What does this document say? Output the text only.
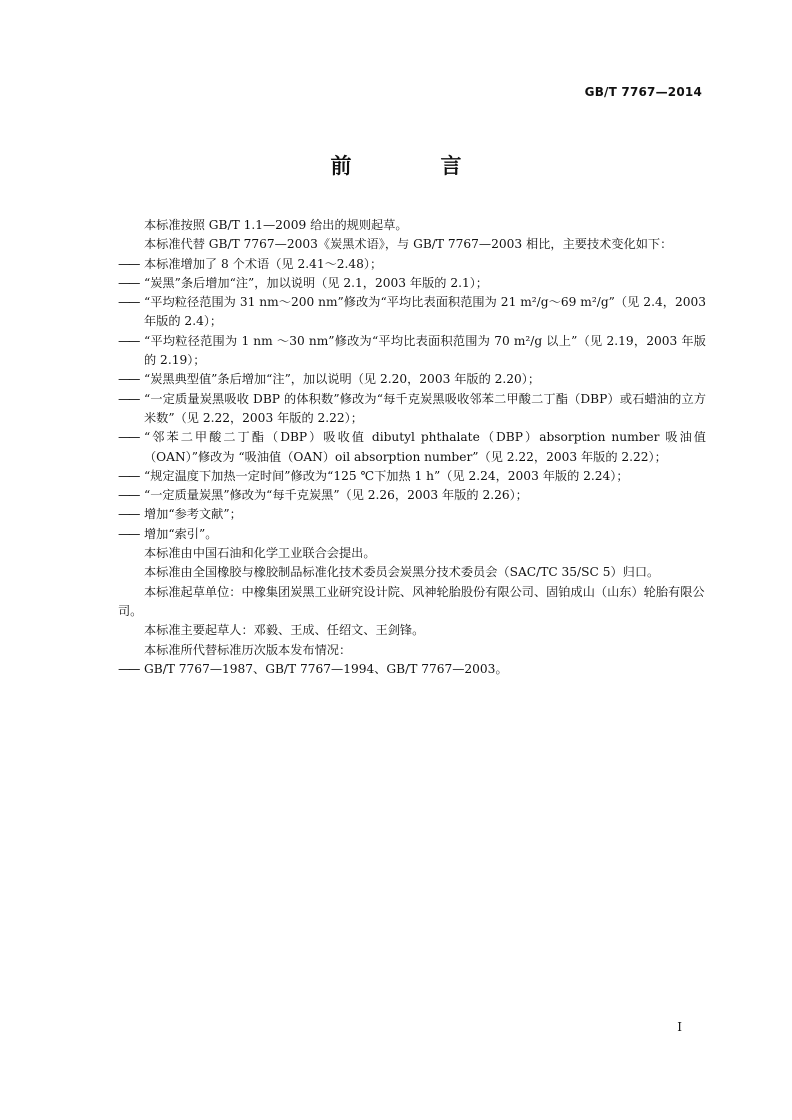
GB/T 7767—2014
前　言

本标准按照 GB/T 1.1—2009 给出的规则起草。

本标准代替 GB/T 7767—2003《炭黑术语》，与 GB/T 7767—2003 相比，主要技术变化如下：

—— 本标准增加了 8 个术语（见 2.41～2.48）；
—— “炭黑”条后增加“注”，加以说明（见 2.1，2003 年版的 2.1）；
—— “平均粒径范围为 31 nm～200 nm”修改为“平均比表面积范围为 21 m²/g～69 m²/g”（见 2.4，2003 年版的 2.4）；
—— “平均粒径范围为 1 nm ～30 nm”修改为“平均比表面积范围为 70 m²/g 以上”（见 2.19，2003 年版的 2.19）；
—— “炭黑典型值”条后增加“注”，加以说明（见 2.20，2003 年版的 2.20）；
—— “一定质量炭黑吸收 DBP 的体积数”修改为“每千克炭黑吸收邻苯二甲酸二丁酯（DBP）或石蜡油的立方米数”（见 2.22，2003 年版的 2.22）；
—— “邻苯二甲酸二丁酯（DBP）吸收值 dibutyl phthalate（DBP）absorption number 吸油值（OAN）”修改为 “吸油值（OAN）oil absorption number”（见 2.22，2003 年版的 2.22）；
—— “规定温度下加热一定时间”修改为“125 ℃下加热 1 h”（见 2.24，2003 年版的 2.24）；
—— “一定质量炭黑”修改为“每千克炭黑”（见 2.26，2003 年版的 2.26）；
—— 增加“参考文献”；
—— 增加“索引”。

本标准由中国石油和化学工业联合会提出。

本标准由全国橡胶与橡胶制品标准化技术委员会炭黑分技术委员会（SAC/TC 35/SC 5）归口。

本标准起草单位：中橡集团炭黑工业研究设计院、风神轮胎股份有限公司、固铂成山（山东）轮胎有限公司。

本标准主要起草人：邓毅、王成、任绍文、王剑锋。

本标准所代替标准历次版本发布情况：

—— GB/T 7767—1987、GB/T 7767—1994、GB/T 7767—2003。
I
